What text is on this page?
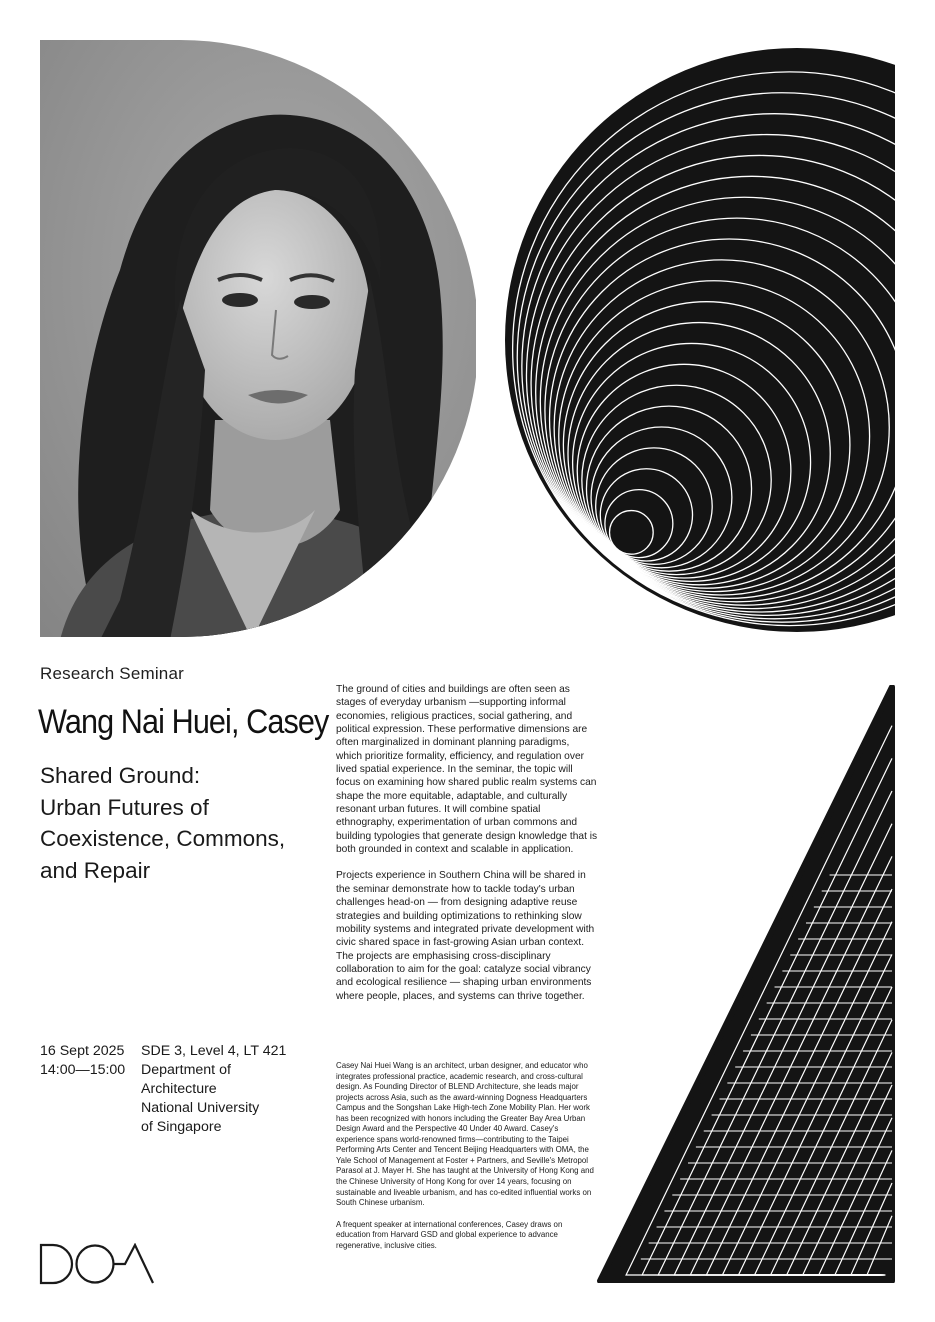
Research Seminar
Wang Nai Huei, Casey
Shared Ground:
Urban Futures of
Coexistence, Commons,
and Repair

The ground of cities and buildings are often seen as stages of everyday urbanism —supporting informal economies, religious practices, social gathering, and political expression. These performative dimensions are often marginalized in dominant planning paradigms, which prioritize formality, efficiency, and regulation over lived spatial experience. In the seminar, the topic will focus on examining how shared public realm systems can shape the more equitable, adaptable, and culturally resonant urban futures. It will combine spatial ethnography, experimentation of urban commons and building typologies that generate design knowledge that is both grounded in context and scalable in application.

Projects experience in Southern China will be shared in the seminar demonstrate how to tackle today's urban challenges head-on — from designing adaptive reuse strategies and building optimizations to rethinking slow mobility systems and integrated private development with civic shared space in fast-growing Asian urban context. The projects are emphasising cross-disciplinary collaboration to aim for the goal: catalyze social vibrancy and ecological resilience — shaping urban environments where people, places, and systems can thrive together.

16 Sept 2025
14:00—15:00
SDE 3, Level 4, LT 421
Department of
Architecture
National University
of Singapore

Casey Nai Huei Wang is an architect, urban designer, and educator who integrates professional practice, academic research, and cross-cultural design. As Founding Director of BLEND Architecture, she leads major projects across Asia, such as the award-winning Dogness Headquarters Campus and the Songshan Lake High-tech Zone Mobility Plan. Her work has been recognized with honors including the Greater Bay Area Urban Design Award and the Perspective 40 Under 40 Award. Casey's experience spans world-renowned firms—contributing to the Taipei Performing Arts Center and Tencent Beijing Headquarters with OMA, the Yale School of Management at Foster + Partners, and Seville's Metropol Parasol at J. Mayer H. She has taught at the University of Hong Kong and the Chinese University of Hong Kong for over 14 years, focusing on sustainable and liveable urbanism, and has co-edited influential works on South Chinese urbanism.

A frequent speaker at international conferences, Casey draws on education from Harvard GSD and global experience to advance regenerative, inclusive cities.
